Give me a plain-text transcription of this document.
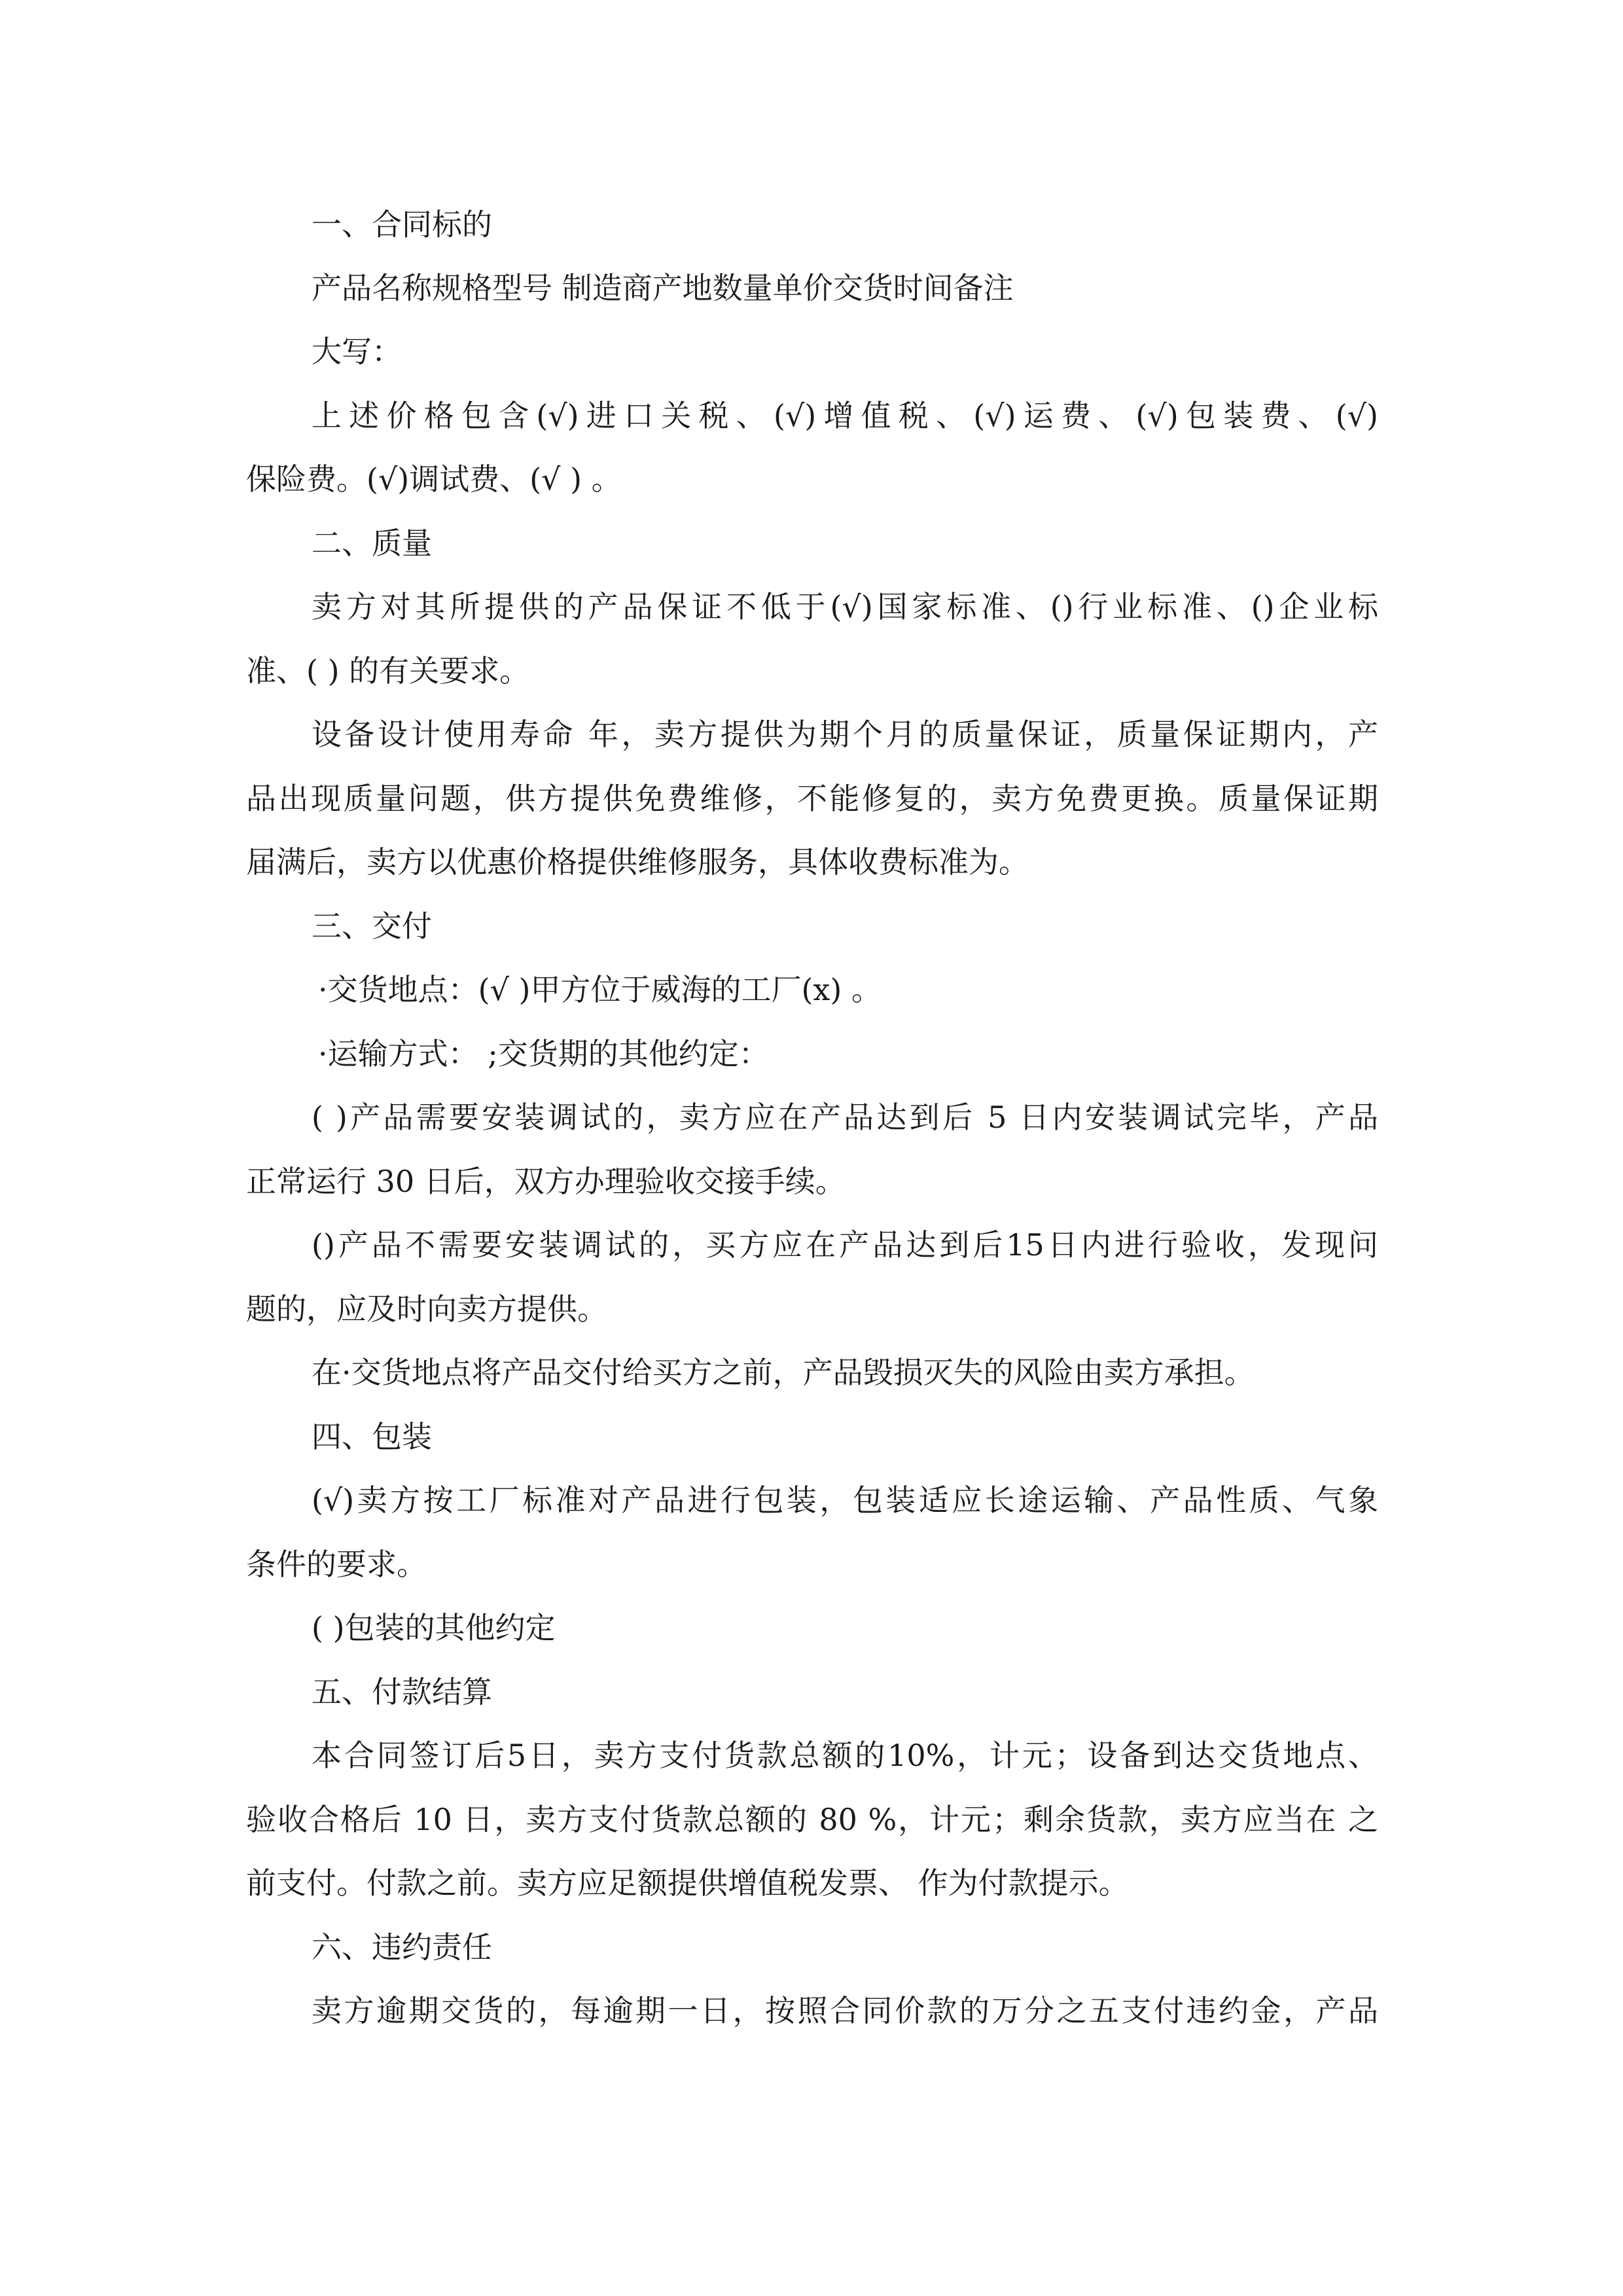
一、合同标的
产品名称规格型号 制造商产地数量单价交货时间备注
大写：
上述价格包含(√)进口关税、(√)增值税、(√)运费、(√)包装费、(√)
保险费。(√)调试费、(√ ) 。
二、质量
卖方对其所提供的产品保证不低于(√)国家标准、()行业标准、()企业标
准、( ) 的有关要求。
设备设计使用寿命 年，卖方提供为期个月的质量保证，质量保证期内，产
品出现质量问题，供方提供免费维修，不能修复的，卖方免费更换。质量保证期
届满后，卖方以优惠价格提供维修服务，具体收费标准为。
三、交付
·交货地点：(√ )甲方位于威海的工厂(x) 。
·运输方式： ;交货期的其他约定：
( )产品需要安装调试的，卖方应在产品达到后 5 日内安装调试完毕，产品
正常运行 30 日后，双方办理验收交接手续。
()产品不需要安装调试的，买方应在产品达到后15日内进行验收，发现问
题的，应及时向卖方提供。
在·交货地点将产品交付给买方之前，产品毁损灭失的风险由卖方承担。
四、包装
(√)卖方按工厂标准对产品进行包装，包装适应长途运输、产品性质、气象
条件的要求。
( )包装的其他约定
五、付款结算
本合同签订后5日，卖方支付货款总额的10%，计元；设备到达交货地点、
验收合格后 10 日，卖方支付货款总额的 80 %，计元；剩余货款，卖方应当在 之
前支付。付款之前。卖方应足额提供增值税发票、 作为付款提示。
六、违约责任
卖方逾期交货的，每逾期一日，按照合同价款的万分之五支付违约金，产品
